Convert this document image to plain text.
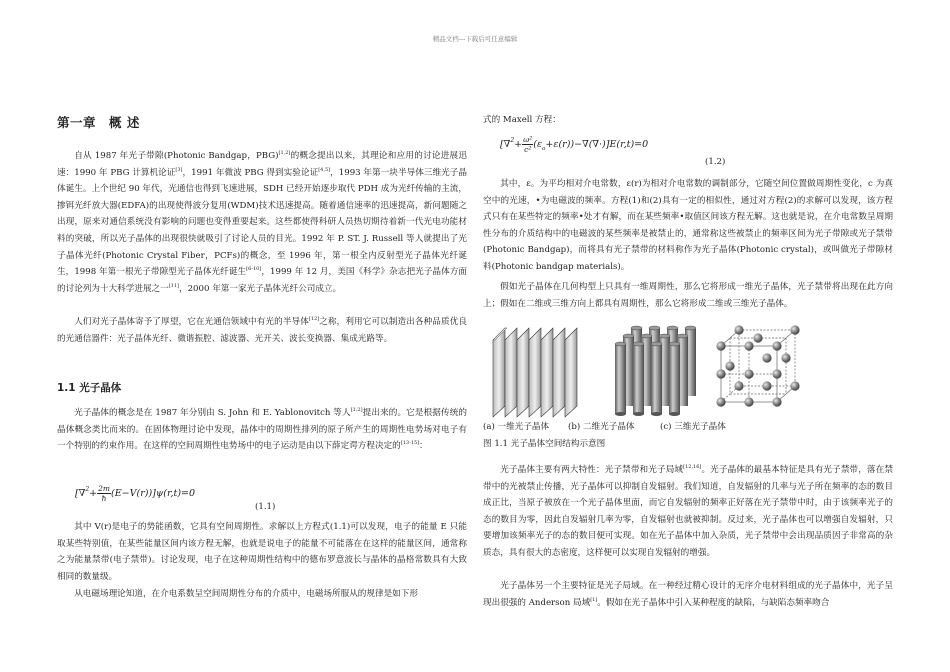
精品文档---下载后可任意编辑
第一章　概 述

自从 1987 年光子带隙(Photonic Bandgap，PBG)[1,2]的概念提出以来，其理论和应用的讨论进展迅速：1990 年 PBG 计算机论证[3]，1991 年微波 PBG 得到实验论证[4,5]，1993 年第一块半导体三维光子晶体诞生。上个世纪 90 年代，光通信也得到飞速进展，SDH 已经开始逐步取代 PDH 成为光纤传输的主流，掺铒光纤放大器(EDFA)的出现使得波分复用(WDM)技术迅速提高。随着通信速率的迅速提高，新问题随之出现，原来对通信系统没有影响的问题也变得重要起来。这些都使得科研人员热切期待着新一代光电功能材料的突破，所以光子晶体的出现很快就吸引了讨论人员的目光。1992 年 P. ST. J. Russell 等人就提出了光子晶体光纤(Photonic Crystal Fiber，PCFs)的概念，至 1996 年，第一根全内反射型光子晶体光纤诞生，1998 年第一根光子带隙型光子晶体光纤诞生[6-10]，1999 年 12 月，美国《科学》杂志把光子晶体方面的讨论列为十大科学进展之一[11]，2000 年第一家光子晶体光纤公司成立。

人们对光子晶体寄予了厚望，它在光通信领域中有光的半导体[12]之称，利用它可以制造出各种品质优良的光通信器件：光子晶体光纤、微谐振腔、滤波器、光开关、波长变换器、集成光路等。

1.1 光子晶体

光子晶体的概念是在 1987 年分别由 S. John 和 E. Yablonovitch 等人[1,2]提出来的。它是根据传统的晶体概念类比而来的。在固体物理讨论中发现，晶体中的周期性排列的原子所产生的周期性电势场对电子有一个特别的约束作用。在这样的空间周期性电势场中的电子运动是由以下薛定谔方程决定的[13-15]：

$[\nabla^2+ \frac{2m}{ħ} (E-V(r))]\psi(r,t)=0$
(1.1)

其中 V(r)是电子的势能函数，它具有空间周期性。求解以上方程式(1.1)可以发现，电子的能量 E 只能取某些特别值，在某些能量区间内该方程无解，也就是说电子的能量不可能落在在这样的能量区间，通常称之为能量禁带(电子禁带)。讨论发现，电子在这种周期性结构中的德布罗意波长与晶体的晶格常数具有大致相同的数量级。

从电磁场理论知道，在介电系数呈空间周期性分布的介质中，电磁场所服从的规律是如下形

式的 Maxell 方程：
$[\nabla^2+ \frac{\text{ω²}}{\text{c²}} (\varepsilon_o+\varepsilon(r))-\nabla(\nabla\cdot)]E(r,t)=0$
(1.2)

其中，ε。为平均相对介电常数，ε(r)为相对介电常数的调制部分，它随空间位置做周期性变化，c 为真空中的光速，•为电磁波的频率。方程(1)和(2)具有一定的相似性，通过对方程(2)的求解可以发现，该方程式只有在某些特定的频率•处才有解，而在某些频率•取值区间该方程无解。这也就是说，在介电常数呈周期性分布的介质结构中的电磁波的某些频率是被禁止的，通常称这些被禁止的频率区间为光子带隙或光子禁带(Photonic Bandgap)，而将具有光子禁带的材料称作为光子晶体(Photonic crystal)，或叫做光子带隙材料(Photonic bandgap materials)。

假如光子晶体在几何构型上只具有一维周期性，那么它将形成一维光子晶体，光子禁带将出现在此方向上；假如在二维或三维方向上都具有周期性，那么它将形成二维或三维光子晶体。

(a) 一维光子晶体 (b) 二维光子晶体	(c) 三维光子晶体
图 1.1 光子晶体空间结构示意图

光子晶体主要有两大特性：光子禁带和光子局域[12,16]。光子晶体的最基本特征是具有光子禁带，落在禁带中的光被禁止传播，光子晶体可以抑制自发辐射。我们知道，自发辐射的几率与光子所在频率的态的数目成正比，当原子被放在一个光子晶体里面，而它自发辐射的频率正好落在光子禁带中时，由于该频率光子的态的数目为零，因此自发辐射几率为零，自发辐射也就被抑制。反过来，光子晶体也可以增强自发辐射，只要增加该频率光子的态的数目便可实现。如在光子晶体中加入杂质，光子禁带中会出现品质因子非常高的杂质态，具有很大的态密度，这样便可以实现自发辐射的增强。

光子晶体另一个主要特征是光子局域。在一种经过精心设计的无序介电材料组成的光子晶体中，光子呈现出很强的 Anderson 局域[1]。假如在光子晶体中引入某种程度的缺陷，与缺陷态频率吻合
